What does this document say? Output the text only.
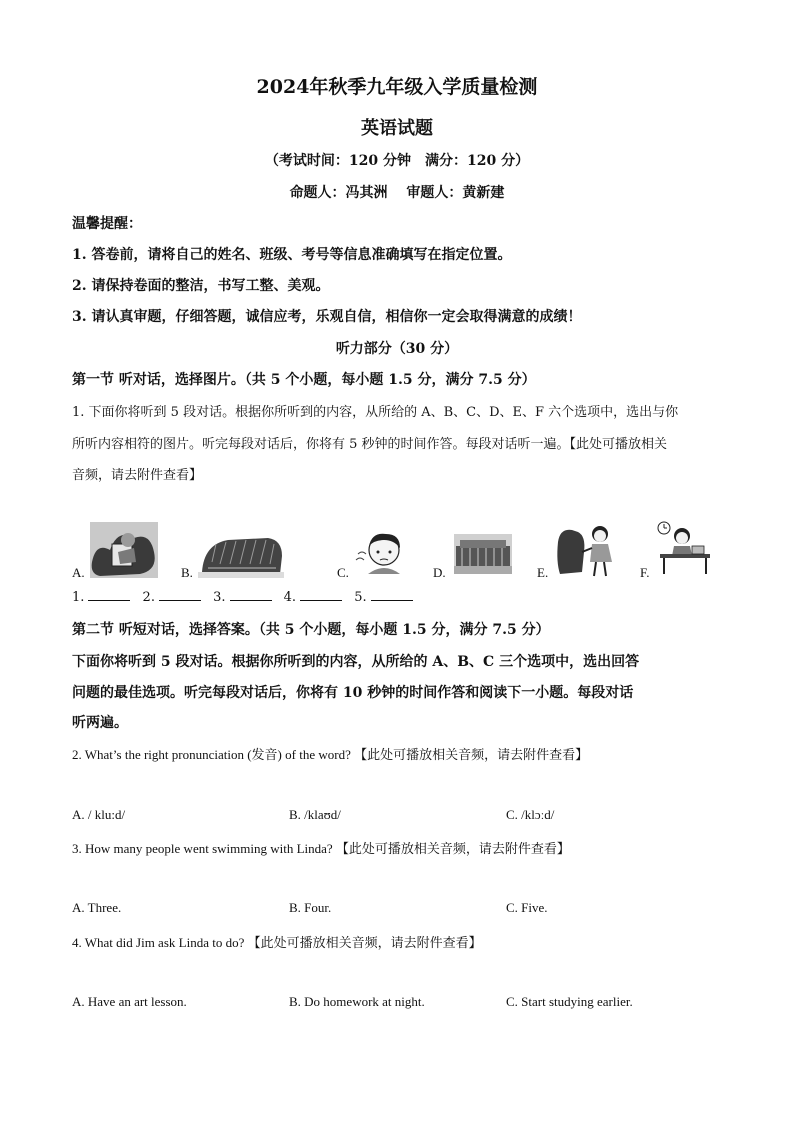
2024年秋季九年级入学质量检测
英语试题
（考试时间：120 分钟　满分：120 分）
命题人：冯其洲　 审题人：黄新建
温馨提醒：
1. 答卷前，请将自己的姓名、班级、考号等信息准确填写在指定位置。
2. 请保持卷面的整洁，书写工整、美观。
3. 请认真审题，仔细答题，诚信应考，乐观自信，相信你一定会取得满意的成绩！
听力部分（30 分）
第一节 听对话，选择图片。（共 5 个小题，每小题 1.5 分，满分 7.5 分）
1. 下面你将听到 5 段对话。根据你所听到的内容，从所给的 A、B、C、D、E、F 六个选项中，选出与你
所听内容相符的图片。听完每段对话后，你将有 5 秒钟的时间作答。每段对话听一遍。【此处可播放相关
音频，请去附件查看】
A.	B.	C.	D.	E.	F.
1.	2.	3.	4.	5.
第二节 听短对话，选择答案。（共 5 个小题，每小题 1.5 分，满分 7.5 分）
下面你将听到 5 段对话。根据你所听到的内容，从所给的 A、B、C 三个选项中，选出回答
问题的最佳选项。听完每段对话后，你将有 10 秒钟的时间作答和阅读下一小题。每段对话
听两遍。
2. What’s the right pronunciation (发音) of the word? 【此处可播放相关音频，请去附件查看】
A. / klu:d/	B. /klaʊd/	C. /klɔːd/
3. How many people went swimming with Linda? 【此处可播放相关音频，请去附件查看】
A. Three.	B. Four.	C. Five.
4. What did Jim ask Linda to do? 【此处可播放相关音频，请去附件查看】
A. Have an art lesson.	B. Do homework at night.	C. Start studying earlier.
